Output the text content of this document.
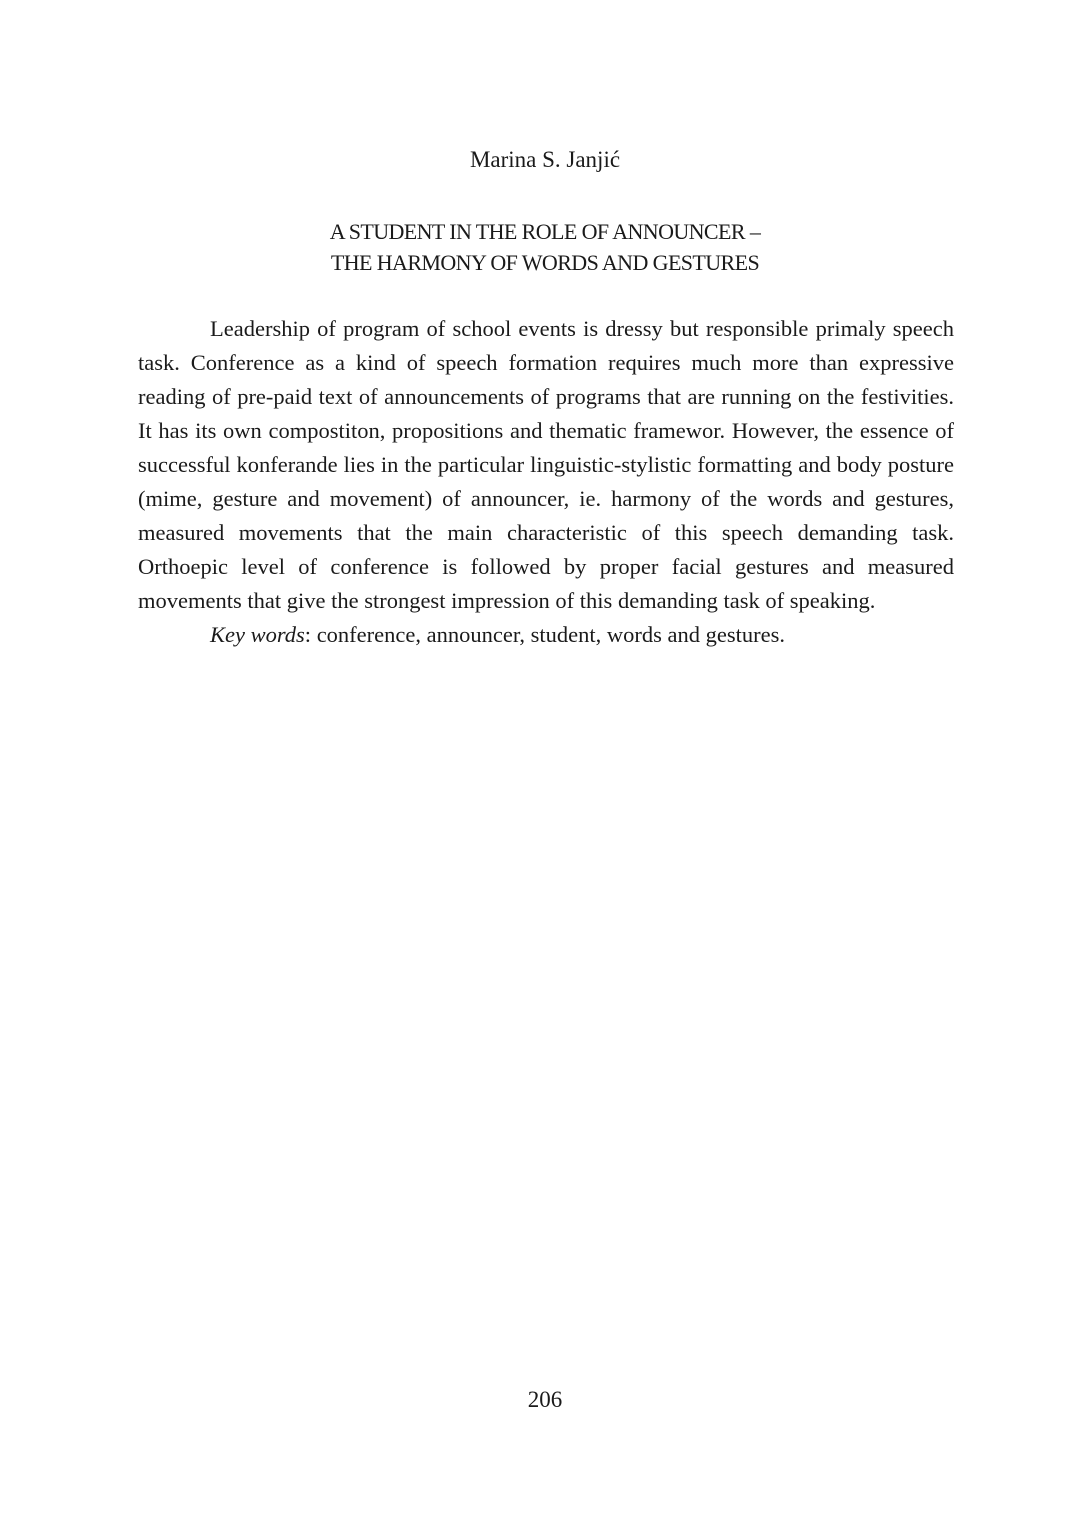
Marina S. Janjić
A STUDENT IN THE ROLE OF ANNOUNCER –
THE HARMONY OF WORDS AND GESTURES

Leadership of program of school events is dressy but responsible primaly speech task. Conference as a kind of speech formation requires much more than expressive reading of pre-paid text of announcements of programs that are running on the festivities. It has its own compostiton, propositions and thematic framewor. However, the essence of successful konferande lies in the particular linguistic-stylistic formatting and body posture (mime, gesture and movement) of announcer, ie. harmony of the words and gestures, measured movements that the main characteristic of this speech demanding task. Orthoepic level of conference is followed by proper facial gestures and measured movements that give the strongest impression of this demanding task of speaking.

Key words: conference, announcer, student, words and gestures.

206
